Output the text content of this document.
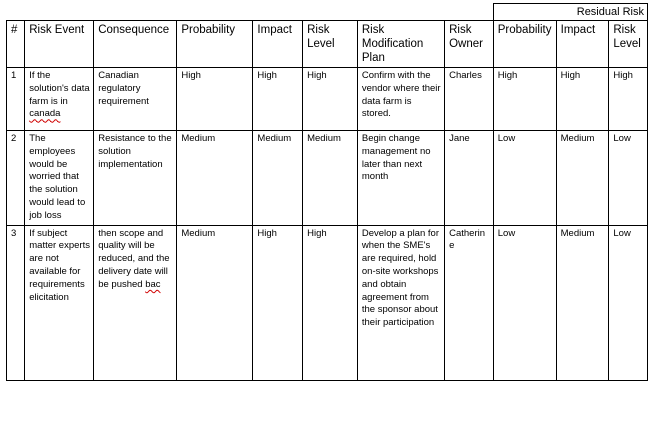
								Residual Risk		
#	Risk Event	Consequence	Probability	Impact	Risk Level	Risk Modification Plan	Risk Owner	Probability	Impact	Risk Level
1	If the solution's data farm is in canada	Canadian regulatory requirement	High	High	High	Confirm with the vendor where their data farm is stored.	Charles	High	High	High
2	The employees would be worried that the solution would lead to job loss	Resistance to the solution implementation	Medium	Medium	Medium	Begin change management no later than next month	Jane	Low	Medium	Low
3	If subject matter experts are not available for requirements elicitation	then scope and quality will be reduced, and the delivery date will be pushed bac	Medium	High	High	Develop a plan for when the SME's are required, hold on-site workshops and obtain agreement from the sponsor about their participation	Catherine	Low	Medium	Low
